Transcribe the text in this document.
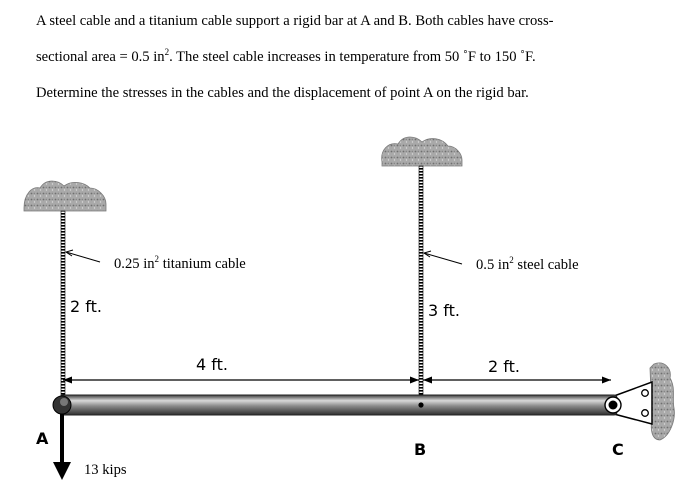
A steel cable and a titanium cable support a rigid bar at A and B. Both cables have cross-

sectional area = 0.5 $in^2$. The steel cable increases in temperature from 50 ˚F to 150 ˚F.

Determine the stresses in the cables and the displacement of point A on the rigid bar.

0.25 $in^2$ titanium cable	0.5 $in^2$ steel cable
2 ft.	3 ft.
4 ft.	2 ft.
A
B	C
13 kips
